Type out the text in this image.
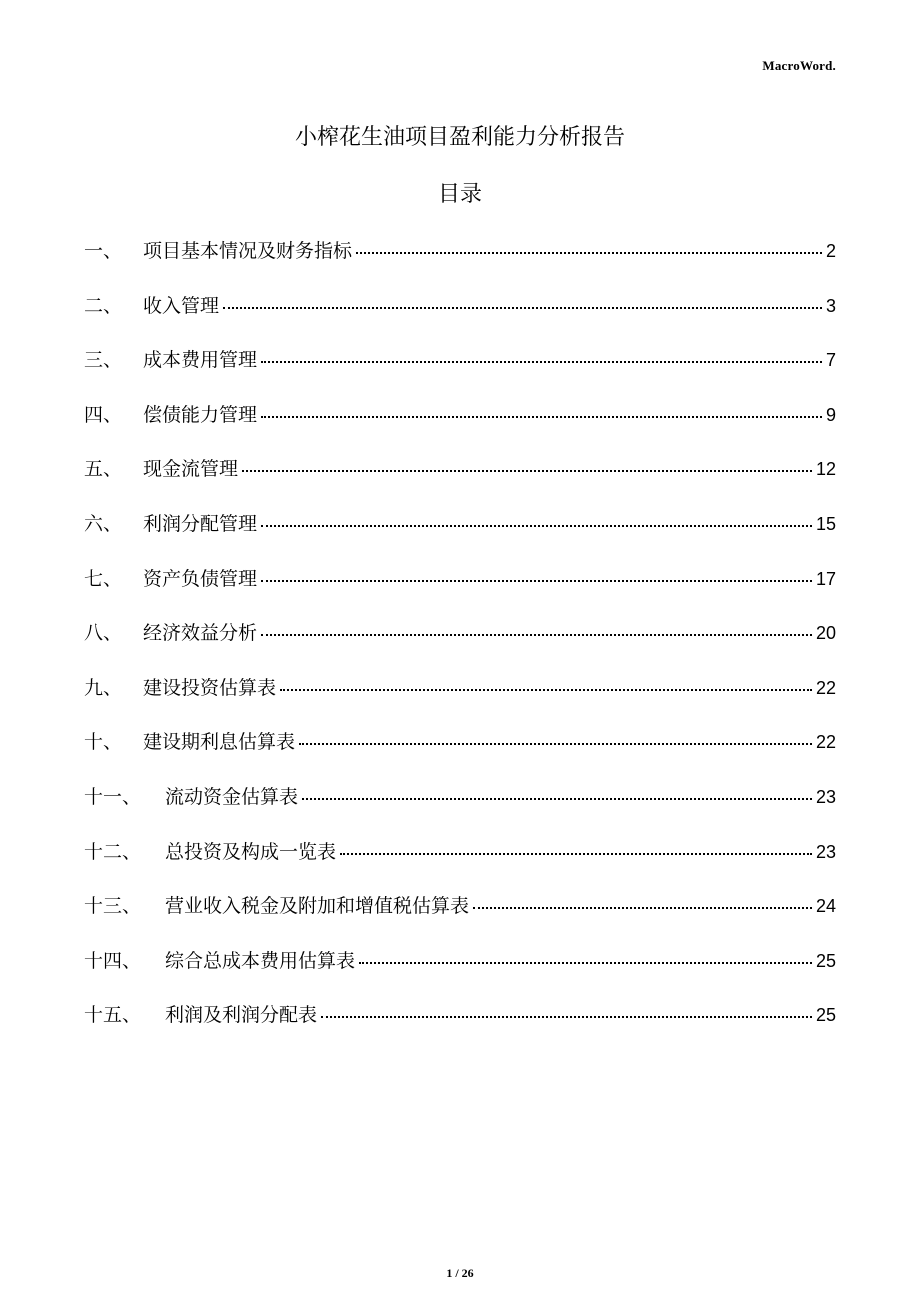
MacroWord.
小榨花生油项目盈利能力分析报告
目录
一、	项目基本情况及财务指标	2
二、	收入管理	3
三、	成本费用管理	7
四、	偿债能力管理	9
五、	现金流管理	12
六、	利润分配管理	15
七、	资产负债管理	17
八、	经济效益分析	20
九、	建设投资估算表	22
十、	建设期利息估算表	22
十一、	流动资金估算表	23
十二、	总投资及构成一览表	23
十三、	营业收入税金及附加和增值税估算表	24
十四、	综合总成本费用估算表	25
十五、	利润及利润分配表	25
1 / 26
